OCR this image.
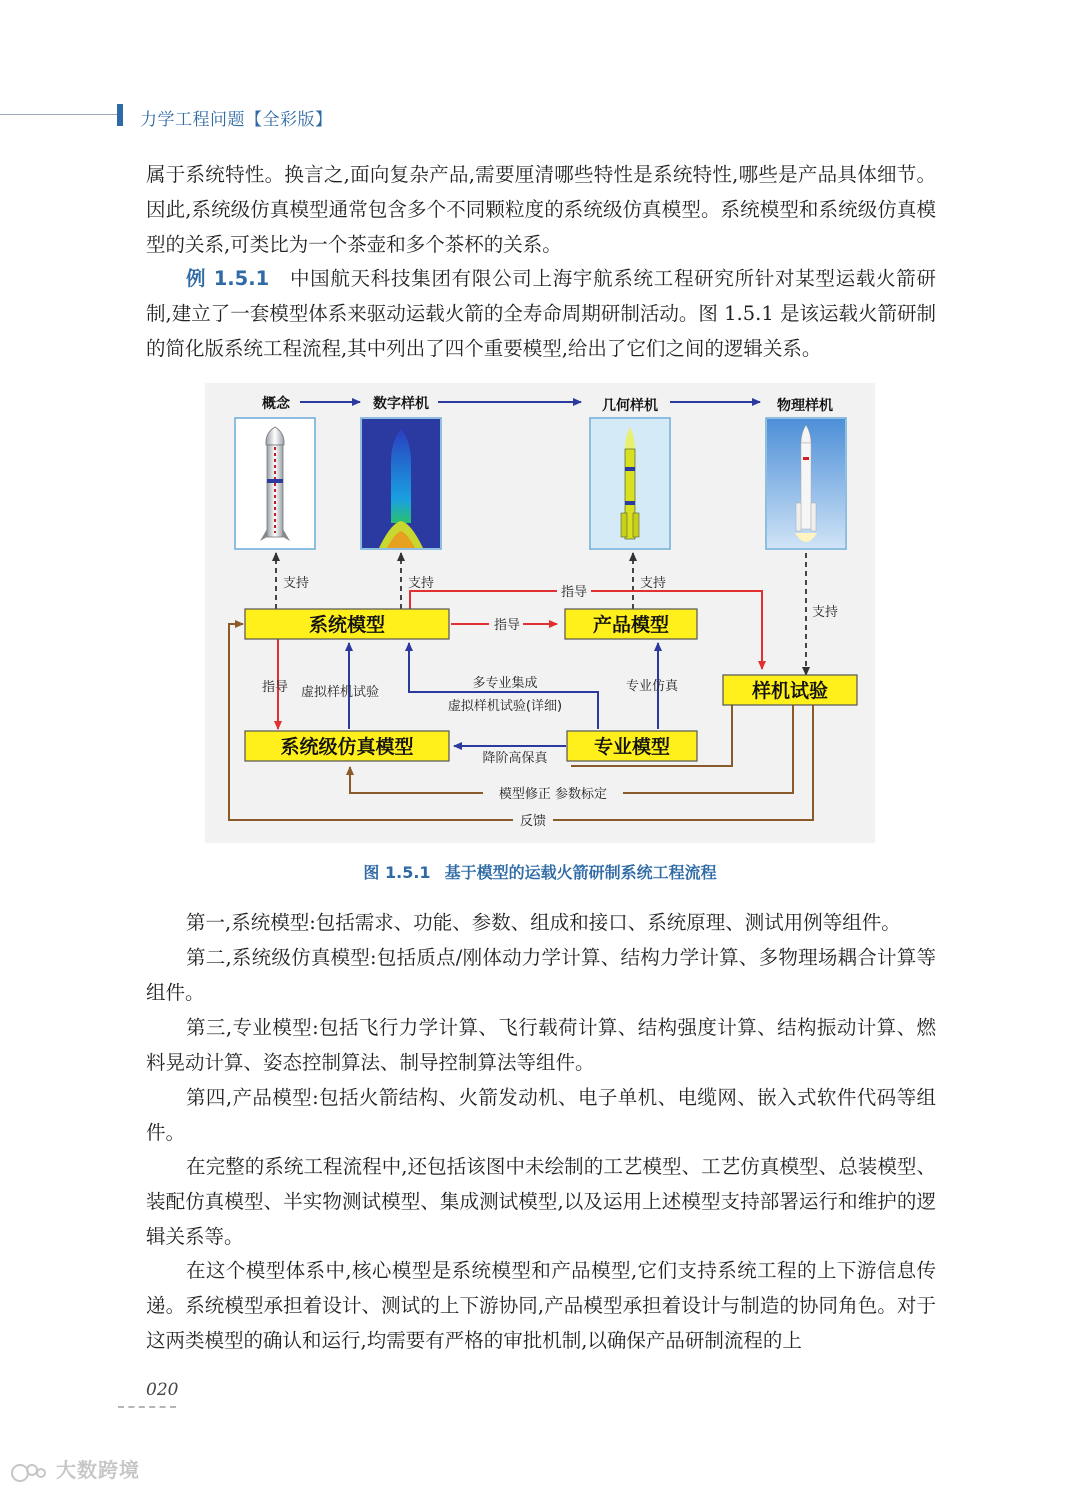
力学工程问题【全彩版】

属于系统特性。换言之,面向复杂产品,需要厘清哪些特性是系统特性,哪些是产品具体细节。因此,系统级仿真模型通常包含多个不同颗粒度的系统级仿真模型。系统模型和系统级仿真模型的关系,可类比为一个茶壶和多个茶杯的关系。

例 1.5.1 中国航天科技集团有限公司上海宇航系统工程研究所针对某型运载火箭研制,建立了一套模型体系来驱动运载火箭的全寿命周期研制活动。图 1.5.1 是该运载火箭研制的简化版系统工程流程,其中列出了四个重要模型,给出了它们之间的逻辑关系。

概念	数字样机	几何样机	物理样机
支持	支持	支持
支持
指导
指导
指导 虚拟样机试验
多专业集成
虚拟样机试验(详细)
专业仿真
降阶高保真
模型修正 参数标定
反馈
系统模型	产品模型
样机试验
系统级仿真模型	专业模型
图 1.5.1 基于模型的运载火箭研制系统工程流程

第一,系统模型:包括需求、功能、参数、组成和接口、系统原理、测试用例等组件。

第二,系统级仿真模型:包括质点/刚体动力学计算、结构力学计算、多物理场耦合计算等组件。

第三,专业模型:包括飞行力学计算、飞行载荷计算、结构强度计算、结构振动计算、燃料晃动计算、姿态控制算法、制导控制算法等组件。

第四,产品模型:包括火箭结构、火箭发动机、电子单机、电缆网、嵌入式软件代码等组件。

在完整的系统工程流程中,还包括该图中未绘制的工艺模型、工艺仿真模型、总装模型、装配仿真模型、半实物测试模型、集成测试模型,以及运用上述模型支持部署运行和维护的逻辑关系等。

在这个模型体系中,核心模型是系统模型和产品模型,它们支持系统工程的上下游信息传递。系统模型承担着设计、测试的上下游协同,产品模型承担着设计与制造的协同角色。对于这两类模型的确认和运行,均需要有严格的审批机制,以确保产品研制流程的上

020
大数跨境
